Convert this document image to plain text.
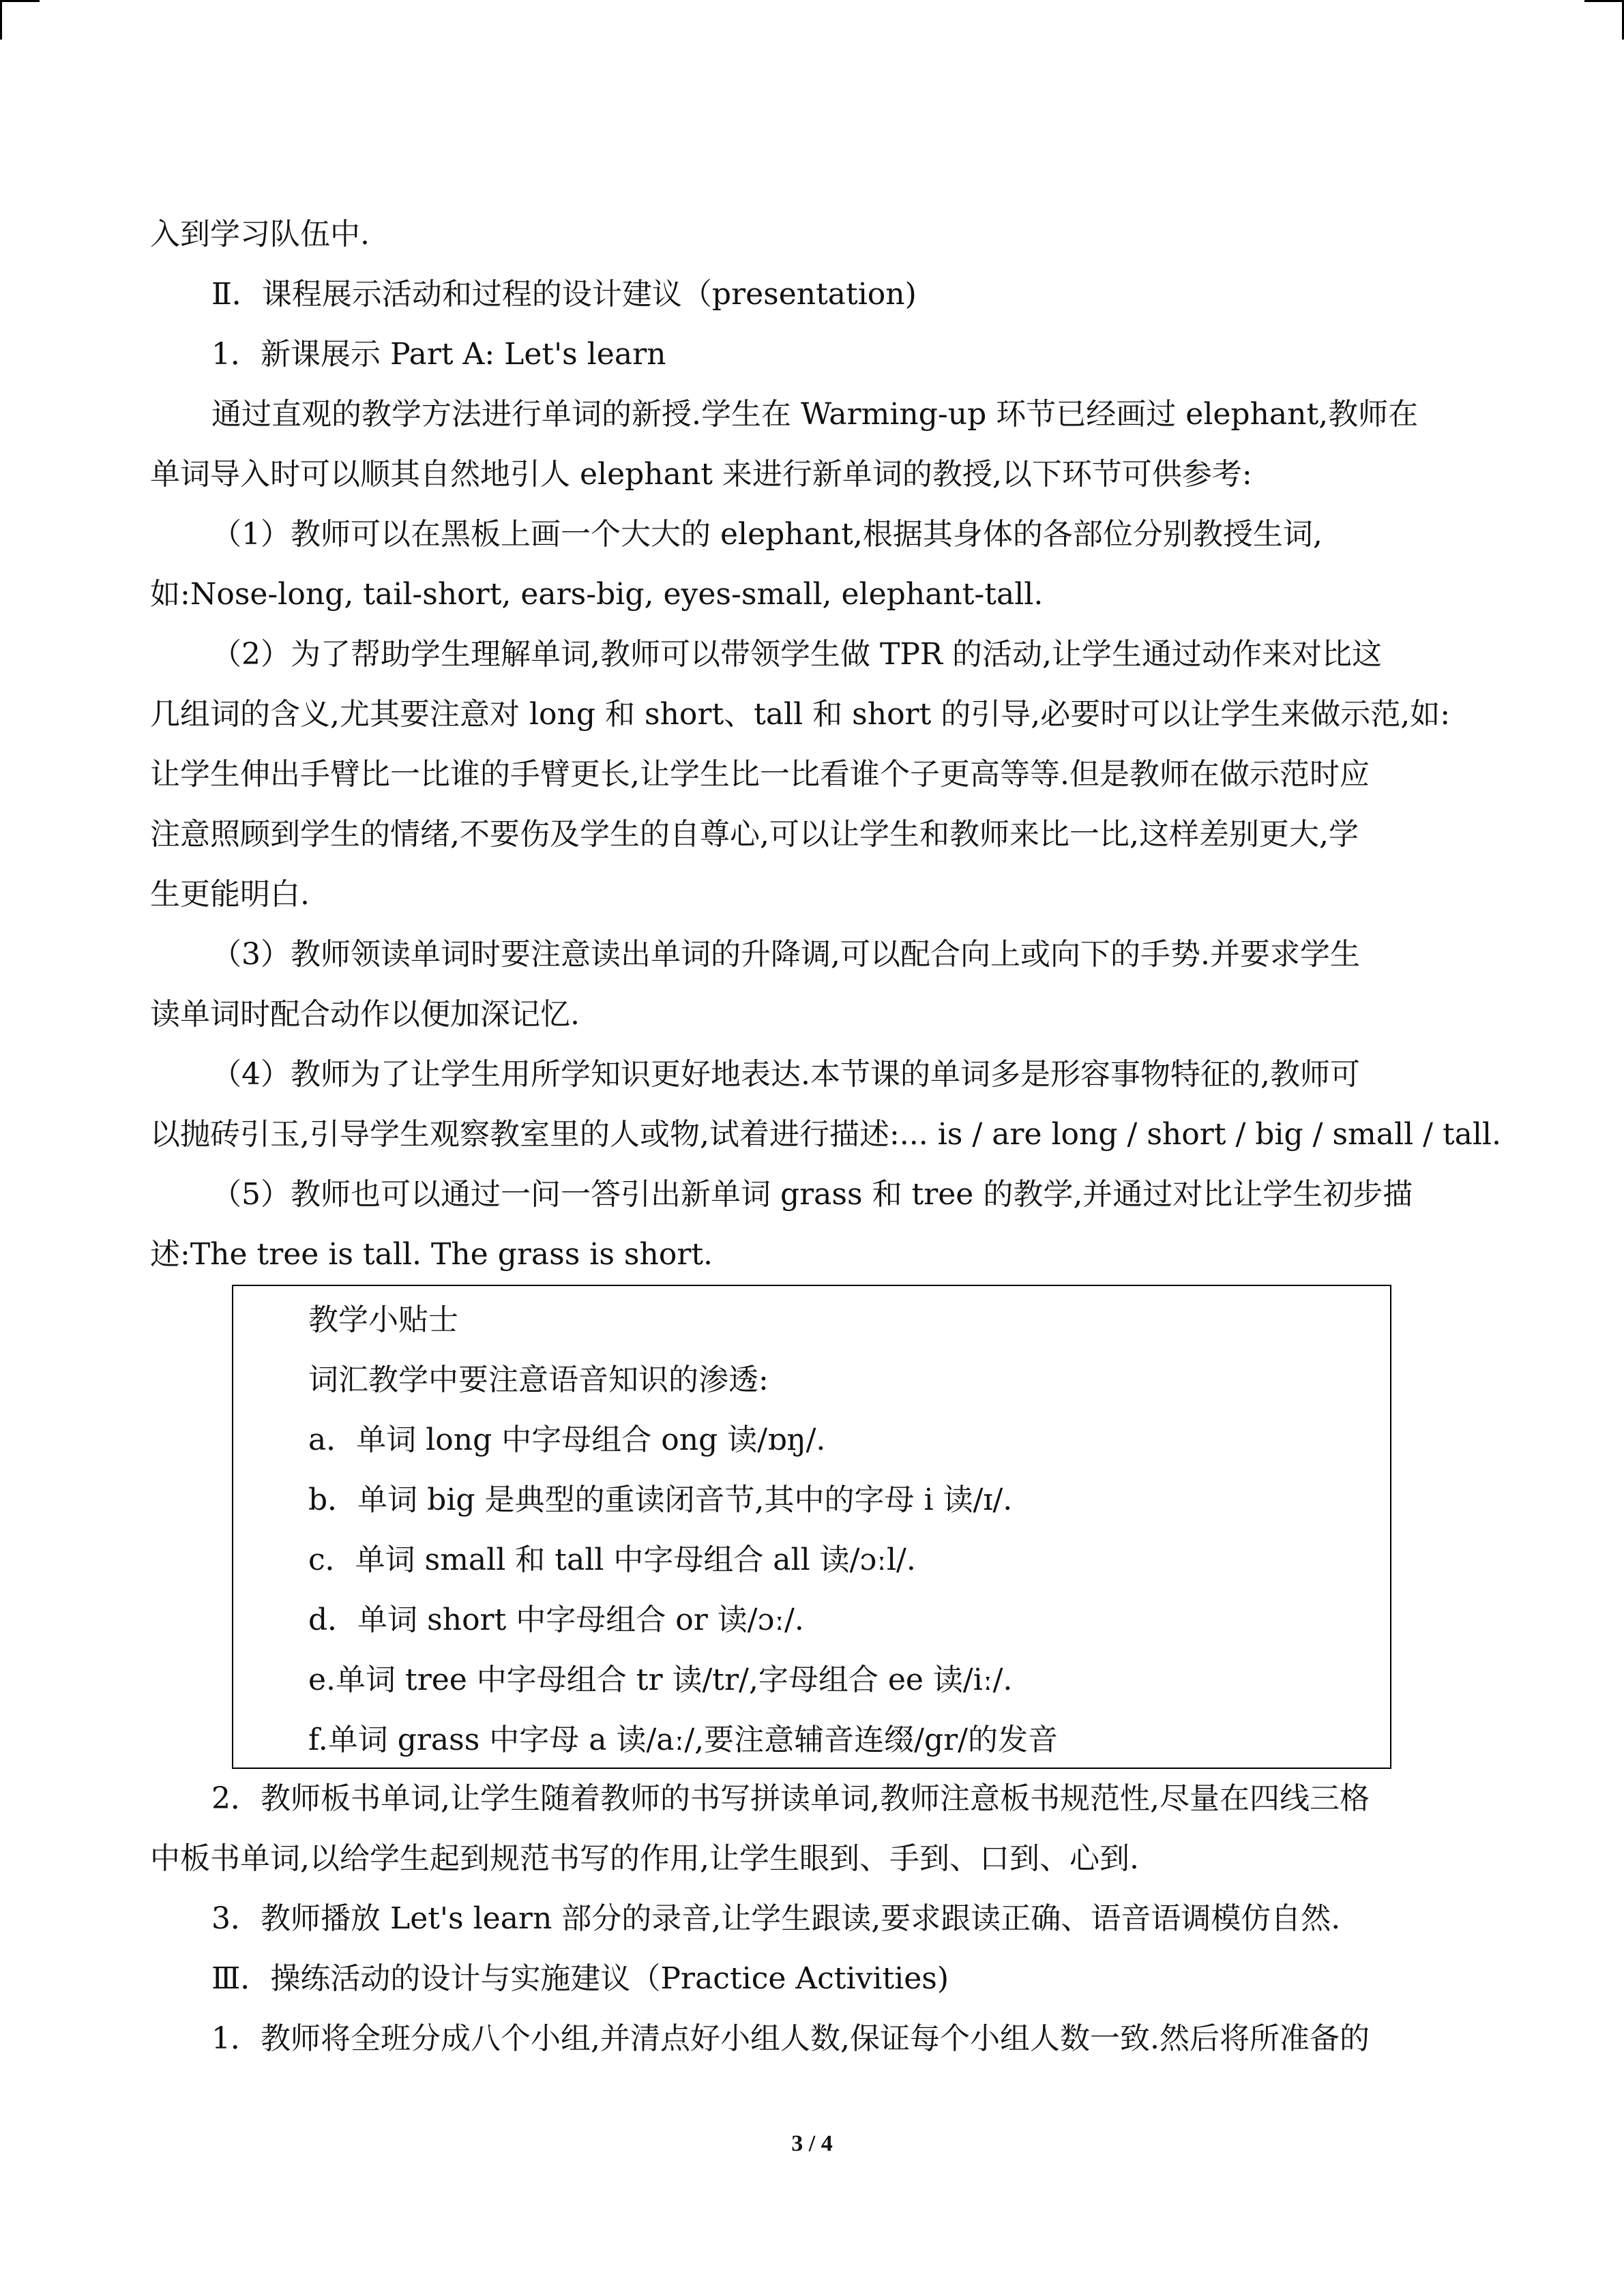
入到学习队伍中.

Ⅱ．课程展示活动和过程的设计建议（presentation)

1．新课展示 Part A: Let's learn

通过直观的教学方法进行单词的新授.学生在 Warming-up 环节已经画过 elephant,教师在

单词导入时可以顺其自然地引人 elephant 来进行新单词的教授,以下环节可供参考:

（1）教师可以在黑板上画一个大大的 elephant,根据其身体的各部位分别教授生词,

如:Nose-long, tail-short, ears-big, eyes-small, elephant-tall.

（2）为了帮助学生理解单词,教师可以带领学生做 TPR 的活动,让学生通过动作来对比这

几组词的含义,尤其要注意对 long 和 short、tall 和 short 的引导,必要时可以让学生来做示范,如:

让学生伸出手臂比一比谁的手臂更长,让学生比一比看谁个子更高等等.但是教师在做示范时应

注意照顾到学生的情绪,不要伤及学生的自尊心,可以让学生和教师来比一比,这样差别更大,学

生更能明白.

（3）教师领读单词时要注意读出单词的升降调,可以配合向上或向下的手势.并要求学生

读单词时配合动作以便加深记忆.

（4）教师为了让学生用所学知识更好地表达.本节课的单词多是形容事物特征的,教师可

以抛砖引玉,引导学生观察教室里的人或物,试着进行描述:... is / are long / short / big / small / tall.

（5）教师也可以通过一问一答引出新单词 grass 和 tree 的教学,并通过对比让学生初步描

述:The tree is tall. The grass is short.

教学小贴士

词汇教学中要注意语音知识的渗透:

a．单词 long 中字母组合 ong 读/ɒŋ/.

b．单词 big 是典型的重读闭音节,其中的字母 i 读/ɪ/.

c．单词 small 和 tall 中字母组合 all 读/ɔːl/.

d．单词 short 中字母组合 or 读/ɔː/.

e.单词 tree 中字母组合 tr 读/tr/,字母组合 ee 读/iː/.

f.单词 grass 中字母 a 读/aː/,要注意辅音连缀/gr/的发音

2．教师板书单词,让学生随着教师的书写拼读单词,教师注意板书规范性,尽量在四线三格

中板书单词,以给学生起到规范书写的作用,让学生眼到、手到、口到、心到.

3．教师播放 Let's learn 部分的录音,让学生跟读,要求跟读正确、语音语调模仿自然.

Ⅲ．操练活动的设计与实施建议（Practice Activities)

1．教师将全班分成八个小组,并清点好小组人数,保证每个小组人数一致.然后将所准备的

3 / 4
